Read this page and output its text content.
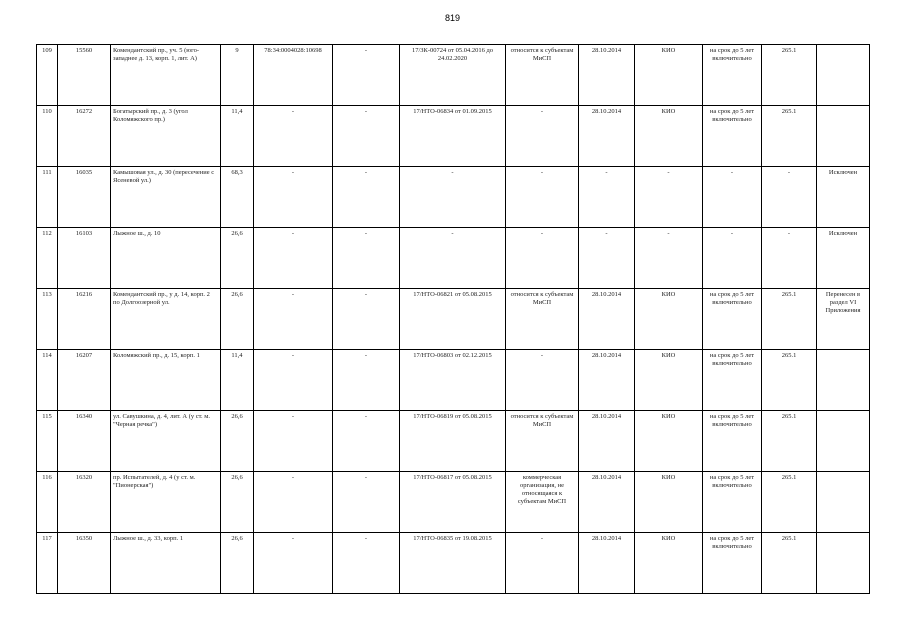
819
109	15560	Комендантский пр., уч. 5 (юго-западнее д. 13, корп. 1, лит. А)	9	78:34:0004028:10698	-	17/ЗК-00724 от 05.04.2016 до 24.02.2020	относится к субъектам МиСП	28.10.2014	КИО	на срок до 5 лет включительно	265.1	
110	16272	Богатырский пр., д. 3 (угол Коломяжского пр.)	11,4	-	-	17/НТО-06834 от 01.09.2015	-	28.10.2014	КИО	на срок до 5 лет включительно	265.1	
111	16035	Камышовая ул., д. 30 (пересечение с Ясеневой ул.)	68,3	-	-	-	-	-	-	-	-	Исключен
112	16103	Лыжное ш., д. 10	26,6	-	-	-	-	-	-	-	-	Исключен
113	16216	Комендантский пр., у д. 14, корп. 2 по Долгоозерной ул.	26,6	-	-	17/НТО-06821 от 05.08.2015	относится к субъектам МиСП	28.10.2014	КИО	на срок до 5 лет включительно	265.1	Перенесен в раздел VI Приложения
114	16207	Коломяжский пр., д. 15, корп. 1	11,4	-	-	17/НТО-06803 от 02.12.2015	-	28.10.2014	КИО	на срок до 5 лет включительно	265.1	
115	16340	ул. Савушкина, д. 4, лит. А (у ст. м. "Черная речка")	26,6	-	-	17/НТО-06819 от 05.08.2015	относится к субъектам МиСП	28.10.2014	КИО	на срок до 5 лет включительно	265.1	
116	16320	пр. Испытателей, д. 4 (у ст. м. "Пионерская")	26,6	-	-	17/НТО-06817 от 05.08.2015	коммерческая организация, не относящаяся к субъектам МиСП	28.10.2014	КИО	на срок до 5 лет включительно	265.1	
117	16350	Лыжное ш., д. 33, корп. 1	26,6	-	-	17/НТО-06835 от 19.08.2015	-	28.10.2014	КИО	на срок до 5 лет включительно	265.1	
